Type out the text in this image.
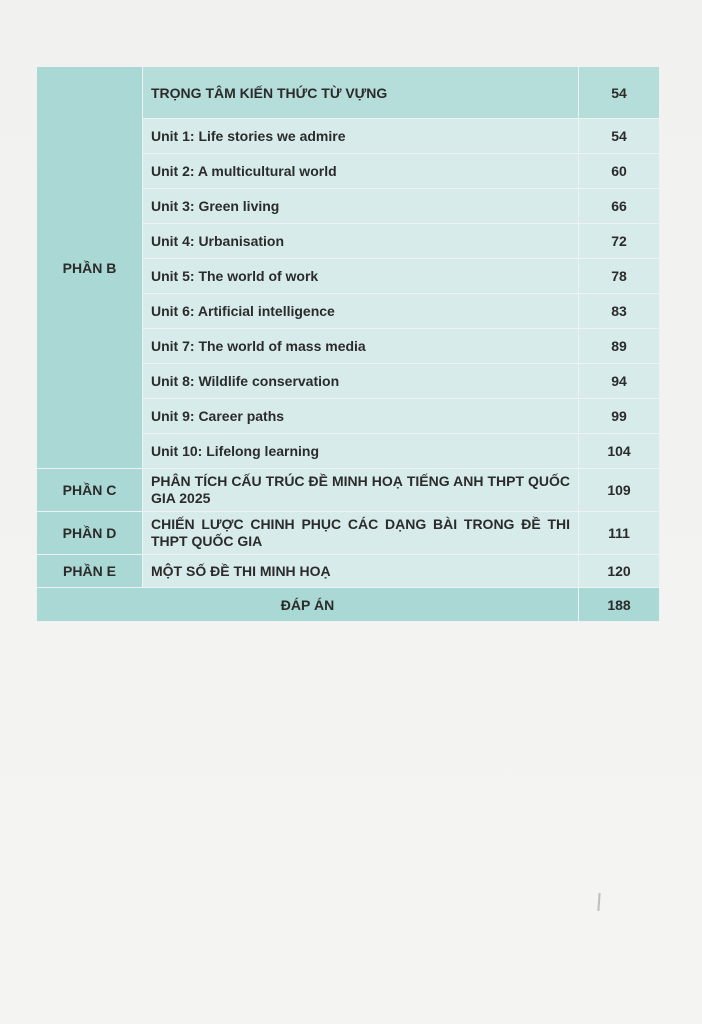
PHẦN B	TRỌNG TÂM KIẾN THỨC TỪ VỰNG	54
	Unit 1: Life stories we admire	54
	Unit 2: A multicultural world	60
	Unit 3: Green living	66
	Unit 4: Urbanisation	72
	Unit 5: The world of work	78
	Unit 6: Artificial intelligence	83
	Unit 7: The world of mass media	89
	Unit 8: Wildlife conservation	94
	Unit 9: Career paths	99
	Unit 10: Lifelong learning	104
PHẦN C	PHÂN TÍCH CẤU TRÚC ĐỀ MINH HOẠ TIẾNG ANH THPT QUỐC GIA 2025	109
PHẦN D	CHIẾN LƯỢC CHINH PHỤC CÁC DẠNG BÀI TRONG ĐỀ THI THPT QUỐC GIA	111
PHẦN E	MỘT SỐ ĐỀ THI MINH HOẠ	120
ĐÁP ÁN		188
